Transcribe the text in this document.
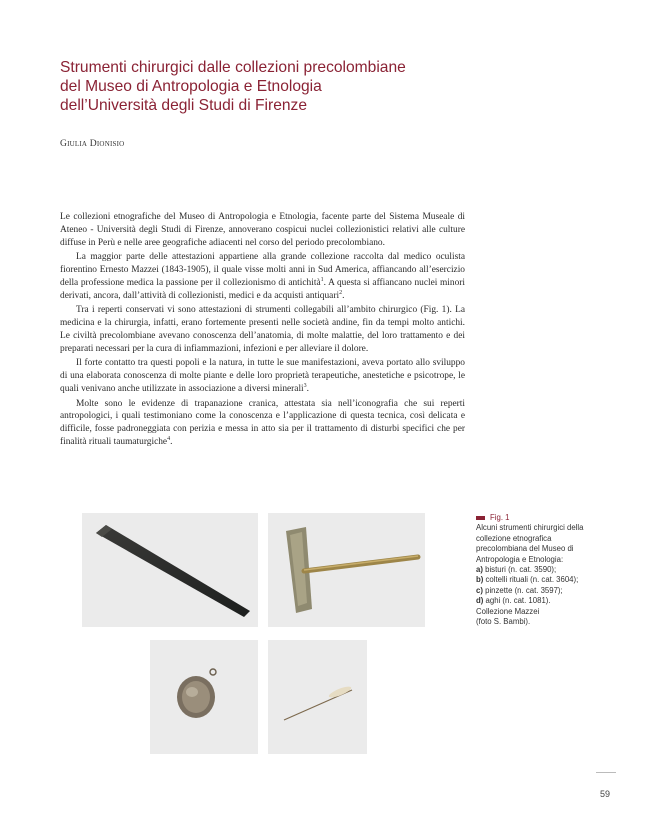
Strumenti chirurgici dalle collezioni precolombiane
del Museo di Antropologia e Etnologia
dell’Università degli Studi di Firenze
Giulia Dionisio

Le collezioni etnografiche del Museo di Antropologia e Etnologia, facente parte del Sistema Museale di Ateneo - Università degli Studi di Firenze, annoverano cospicui nuclei collezionistici relativi alle culture diffuse in Perù e nelle aree geografiche adiacenti nel corso del periodo precolombiano.

La maggior parte delle attestazioni appartiene alla grande collezione raccolta dal medico oculista fiorentino Ernesto Mazzei (1843-1905), il quale visse molti anni in Sud America, affiancando all’esercizio della professione medica la passione per il collezionismo di antichità$^1$. A questa si affiancano nuclei minori derivati, ancora, dall’attività di collezionisti, medici e da acquisti antiquari$^2$.

Tra i reperti conservati vi sono attestazioni di strumenti collegabili all’ambito chirurgico (Fig. 1). La medicina e la chirurgia, infatti, erano fortemente presenti nelle società andine, fin da tempi molto antichi. Le civiltà precolombiane avevano conoscenza dell’anatomia, di molte malattie, del loro trattamento e dei preparati necessari per la cura di infiammazioni, infezioni e per alleviare il dolore.

Il forte contatto tra questi popoli e la natura, in tutte le sue manifestazioni, aveva portato allo sviluppo di una elaborata conoscenza di molte piante e delle loro proprietà terapeutiche, anestetiche e psicotrope, le quali venivano anche utilizzate in associazione a diversi minerali$^3$.

Molte sono le evidenze di trapanazione cranica, attestata sia nell’iconografia che sui reperti antropologici, i quali testimoniano come la conoscenza e l’applicazione di questa tecnica, così delicata e difficile, fosse padroneggiata con perizia e messa in atto sia per il trattamento di disturbi specifici che per finalità rituali taumaturgiche$^4$.

Fig. 1
Alcuni strumenti chirurgici della collezione etnografica precolombiana del Museo di Antropologia e Etnologia:
a) bisturi (n. cat. 3590);
b) coltelli rituali (n. cat. 3604);
c) pinzette (n. cat. 3597);
d) aghi (n. cat. 1081).
Collezione Mazzei
(foto S. Bambi).
59
